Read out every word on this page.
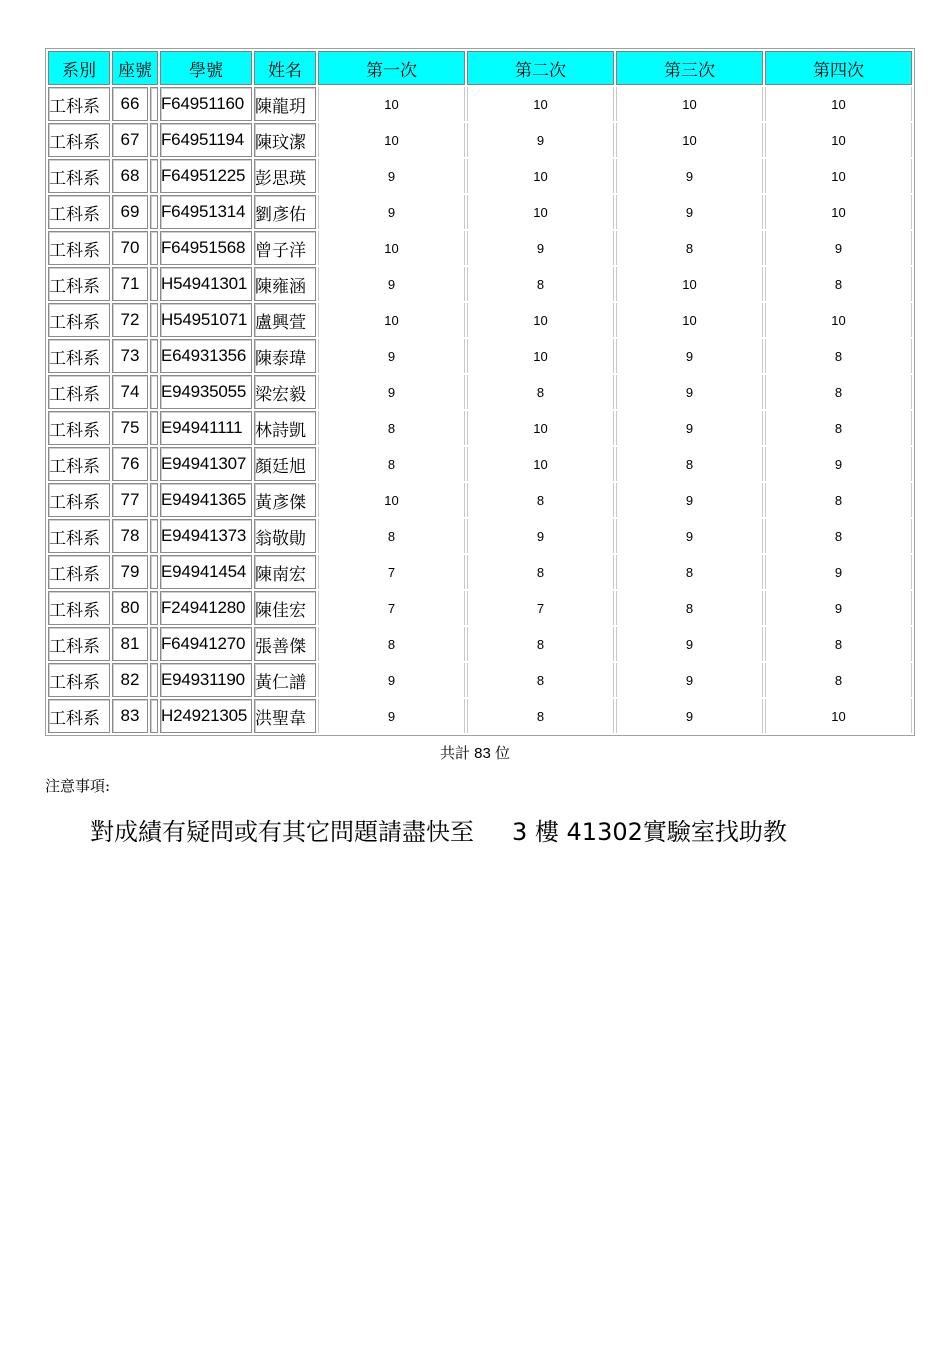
系別	座號		學號	姓名	第一次	第二次	第三次	第四次
工科系	66		F64951160	陳龍玥	10	10	10	10
工科系	67		F64951194	陳玟潔	10	9	10	10
工科系	68		F64951225	彭思瑛	9	10	9	10
工科系	69		F64951314	劉彥佑	9	10	9	10
工科系	70		F64951568	曾子洋	10	9	8	9
工科系	71		H54941301	陳雍涵	9	8	10	8
工科系	72		H54951071	盧興萱	10	10	10	10
工科系	73		E64931356	陳泰瑋	9	10	9	8
工科系	74		E94935055	梁宏毅	9	8	9	8
工科系	75		E94941111	林詩凱	8	10	9	8
工科系	76		E94941307	顏廷旭	8	10	8	9
工科系	77		E94941365	黃彥傑	10	8	9	8
工科系	78		E94941373	翁敬勛	8	9	9	8
工科系	79		E94941454	陳南宏	7	8	8	9
工科系	80		F24941280	陳佳宏	7	7	8	9
工科系	81		F64941270	張善傑	8	8	9	8
工科系	82		E94931190	黃仁譜	9	8	9	8
工科系	83		H24921305	洪聖韋	9	8	9	10
共計 83 位
注意事項:
對成績有疑問或有其它問題請盡快至 3 樓 41302實驗室找助教
